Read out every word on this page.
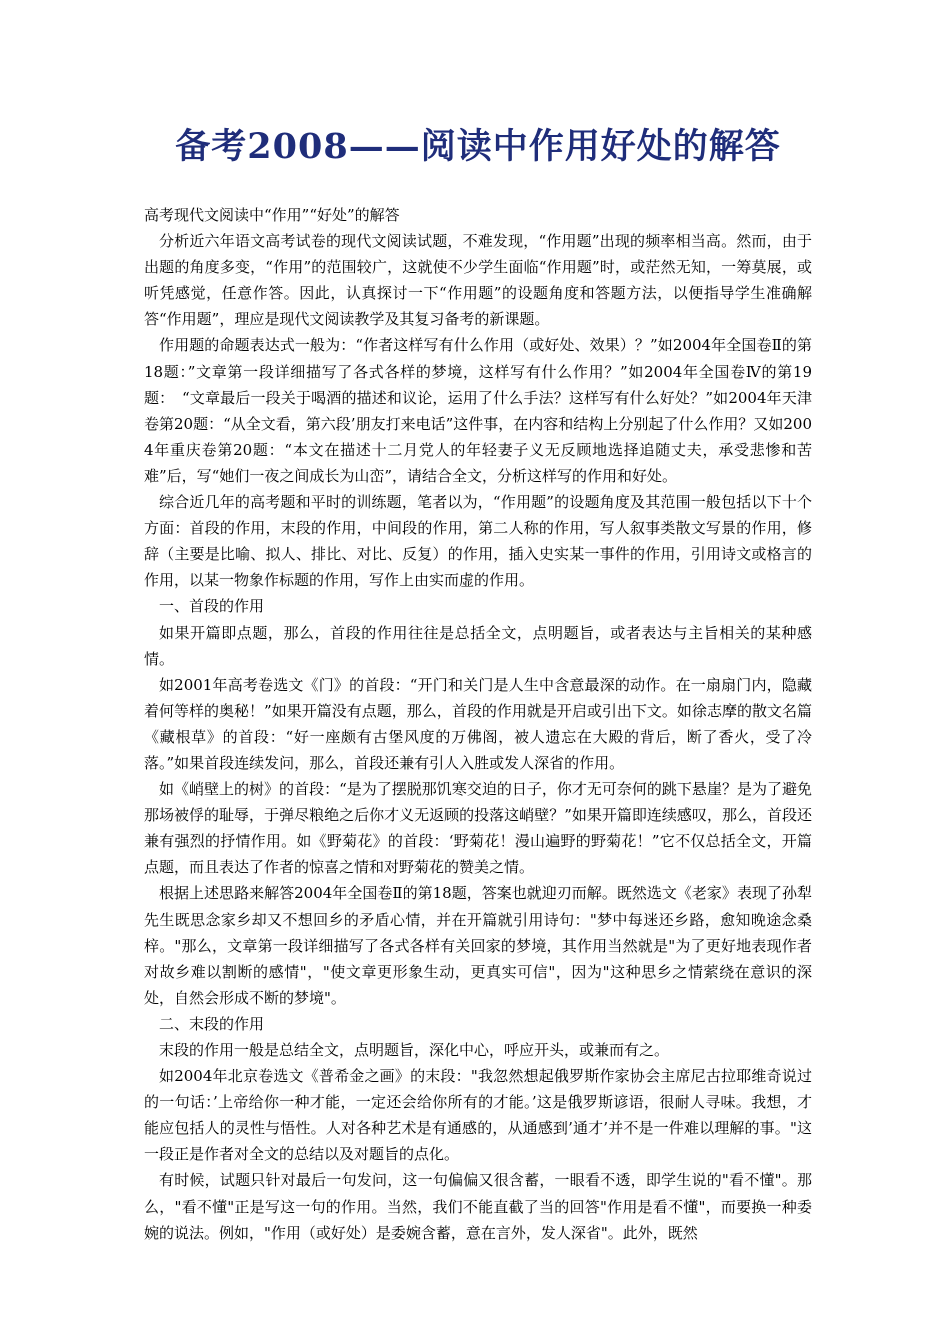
备考2008——阅读中作用好处的解答

高考现代文阅读中“作用”“好处”的解答

分析近六年语文高考试卷的现代文阅读试题，不难发现，“作用题”出现的频率相当高。然而，由于出题的角度多变，“作用”的范围较广，这就使不少学生面临“作用题”时，或茫然无知，一筹莫展，或听凭感觉，任意作答。因此，认真探讨一下“作用题”的设题角度和答题方法，以便指导学生准确解答“作用题”，理应是现代文阅读教学及其复习备考的新课题。

作用题的命题表达式一般为：“作者这样写有什么作用（或好处、效果）？”如2004年全国卷Ⅱ的第18题：”文章第一段详细描写了各式各样的梦境，这样写有什么作用？”如2004年全国卷Ⅳ的第19题：　“文章最后一段关于喝酒的描述和议论，运用了什么手法？这样写有什么好处？”如2004年天津卷第20题：“从全文看，第六段’朋友打来电话”这件事，在内容和结构上分别起了什么作用？又如2004年重庆卷第20题：“本文在描述十二月党人的年轻妻子义无反顾地选择追随丈夫，承受悲惨和苦难”后，写“她们一夜之间成长为山峦”，请结合全文，分析这样写的作用和好处。

综合近几年的高考题和平时的训练题，笔者以为，“作用题”的设题角度及其范围一般包括以下十个方面：首段的作用，末段的作用，中间段的作用，第二人称的作用，写人叙事类散文写景的作用，修辞（主要是比喻、拟人、排比、对比、反复）的作用，插入史实某一事件的作用，引用诗文或格言的作用，以某一物象作标题的作用，写作上由实而虚的作用。

一、首段的作用

如果开篇即点题，那么，首段的作用往往是总括全文，点明题旨，或者表达与主旨相关的某种感情。

如2001年高考卷选文《门》的首段：“开门和关门是人生中含意最深的动作。在一扇扇门内，隐藏着何等样的奥秘！”如果开篇没有点题，那么，首段的作用就是开启或引出下文。如徐志摩的散文名篇《藏根草》的首段：“好一座颇有古堡风度的万佛阁，被人遗忘在大殿的背后，断了香火，受了冷落。”如果首段连续发问，那么，首段还兼有引人入胜或发人深省的作用。

如《峭壁上的树》的首段：“是为了摆脱那饥寒交迫的日子，你才无可奈何的跳下悬崖？是为了避免那场被俘的耻辱，于弹尽粮绝之后你才义无返顾的投落这峭壁？”如果开篇即连续感叹，那么，首段还兼有强烈的抒情作用。如《野菊花》的首段：‘野菊花！漫山遍野的野菊花！”它不仅总括全文，开篇点题，而且表达了作者的惊喜之情和对野菊花的赞美之情。

根据上述思路来解答2004年全国卷Ⅱ的第18题，答案也就迎刃而解。既然选文《老家》表现了孙犁先生既思念家乡却又不想回乡的矛盾心情，并在开篇就引用诗句："梦中每迷还乡路，愈知晚途念桑梓。"那么，文章第一段详细描写了各式各样有关回家的梦境，其作用当然就是"为了更好地表现作者对故乡难以割断的感情"，"使文章更形象生动，更真实可信"，因为"这种思乡之情萦绕在意识的深处，自然会形成不断的梦境"。

二、末段的作用

末段的作用一般是总结全文，点明题旨，深化中心，呼应开头，或兼而有之。

如2004年北京卷选文《普希金之画》的末段："我忽然想起俄罗斯作家协会主席尼古拉耶维奇说过的一句话：’上帝给你一种才能，一定还会给你所有的才能。’这是俄罗斯谚语，很耐人寻味。我想，才能应包括人的灵性与悟性。人对各种艺术是有通感的，从通感到’通才’并不是一件难以理解的事。"这一段正是作者对全文的总结以及对题旨的点化。

有时候，试题只针对最后一句发问，这一句偏偏又很含蓄，一眼看不透，即学生说的"看不懂"。那么，"看不懂"正是写这一句的作用。当然，我们不能直截了当的回答"作用是看不懂"，而要换一种委婉的说法。例如，"作用（或好处）是委婉含蓄，意在言外，发人深省"。此外，既然
